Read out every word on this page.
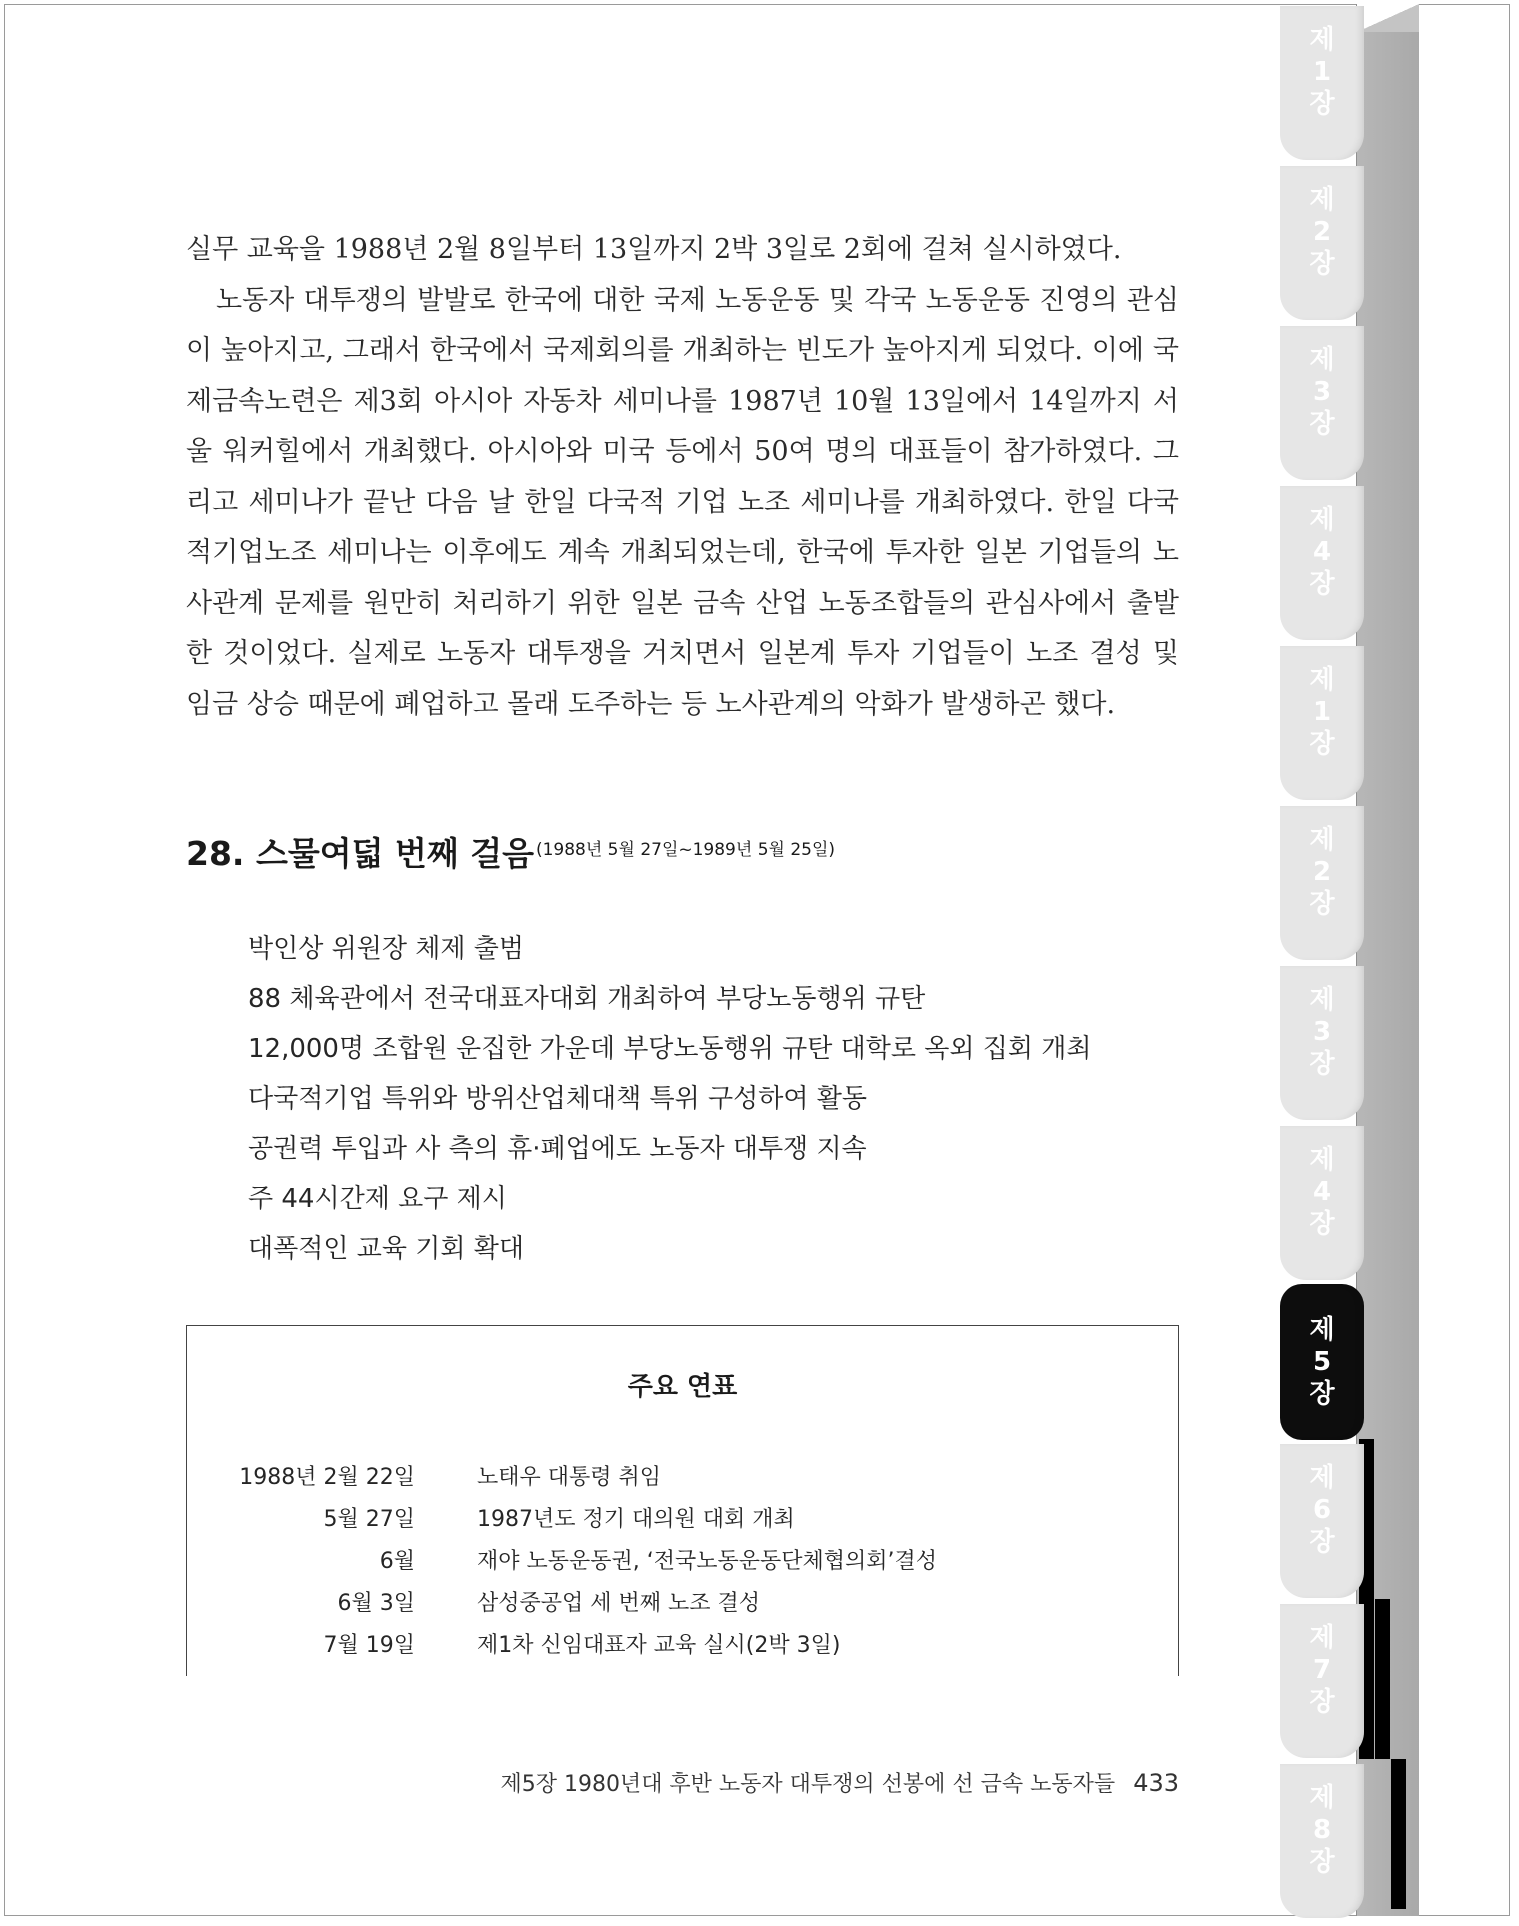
실무 교육을 1988년 2월 8일부터 13일까지 2박 3일로 2회에 걸쳐 실시하였다.

노동자 대투쟁의 발발로 한국에 대한 국제 노동운동 및 각국 노동운동 진영의 관심이 높아지고, 그래서 한국에서 국제회의를 개최하는 빈도가 높아지게 되었다. 이에 국제금속노련은 제3회 아시아 자동차 세미나를 1987년 10월 13일에서 14일까지 서울 워커힐에서 개최했다. 아시아와 미국 등에서 50여 명의 대표들이 참가하였다. 그리고 세미나가 끝난 다음 날 한일 다국적 기업 노조 세미나를 개최하였다. 한일 다국적기업노조 세미나는 이후에도 계속 개최되었는데, 한국에 투자한 일본 기업들의 노사관계 문제를 원만히 처리하기 위한 일본 금속 산업 노동조합들의 관심사에서 출발한 것이었다. 실제로 노동자 대투쟁을 거치면서 일본계 투자 기업들이 노조 결성 및 임금 상승 때문에 폐업하고 몰래 도주하는 등 노사관계의 악화가 발생하곤 했다.

28. 스물여덟 번째 걸음 (1988년 5월 27일~1989년 5월 25일)
박인상 위원장 체제 출범
88 체육관에서 전국대표자대회 개최하여 부당노동행위 규탄
12,000명 조합원 운집한 가운데 부당노동행위 규탄 대학로 옥외 집회 개최
다국적기업 특위와 방위산업체대책 특위 구성하여 활동
공권력 투입과 사 측의 휴·폐업에도 노동자 대투쟁 지속
주 44시간제 요구 제시
대폭적인 교육 기회 확대
주요 연표
1988년 2월 22일	노태우 대통령 취임
5월 27일	1987년도 정기 대의원 대회 개최
6월	재야 노동운동권, ‘전국노동운동단체협의회’결성
6월 3일	삼성중공업 세 번째 노조 결성
7월 19일	제1차 신임대표자 교육 실시(2박 3일)
제5장 1980년대 후반 노동자 대투쟁의 선봉에 선 금속 노동자들 433
제
1
장
제
2
장
제
3
장
제
4
장
제
1
장
제
2
장
제
3
장
제
4
장
제
5
장
제
6
장
제
7
장
제
8
장
